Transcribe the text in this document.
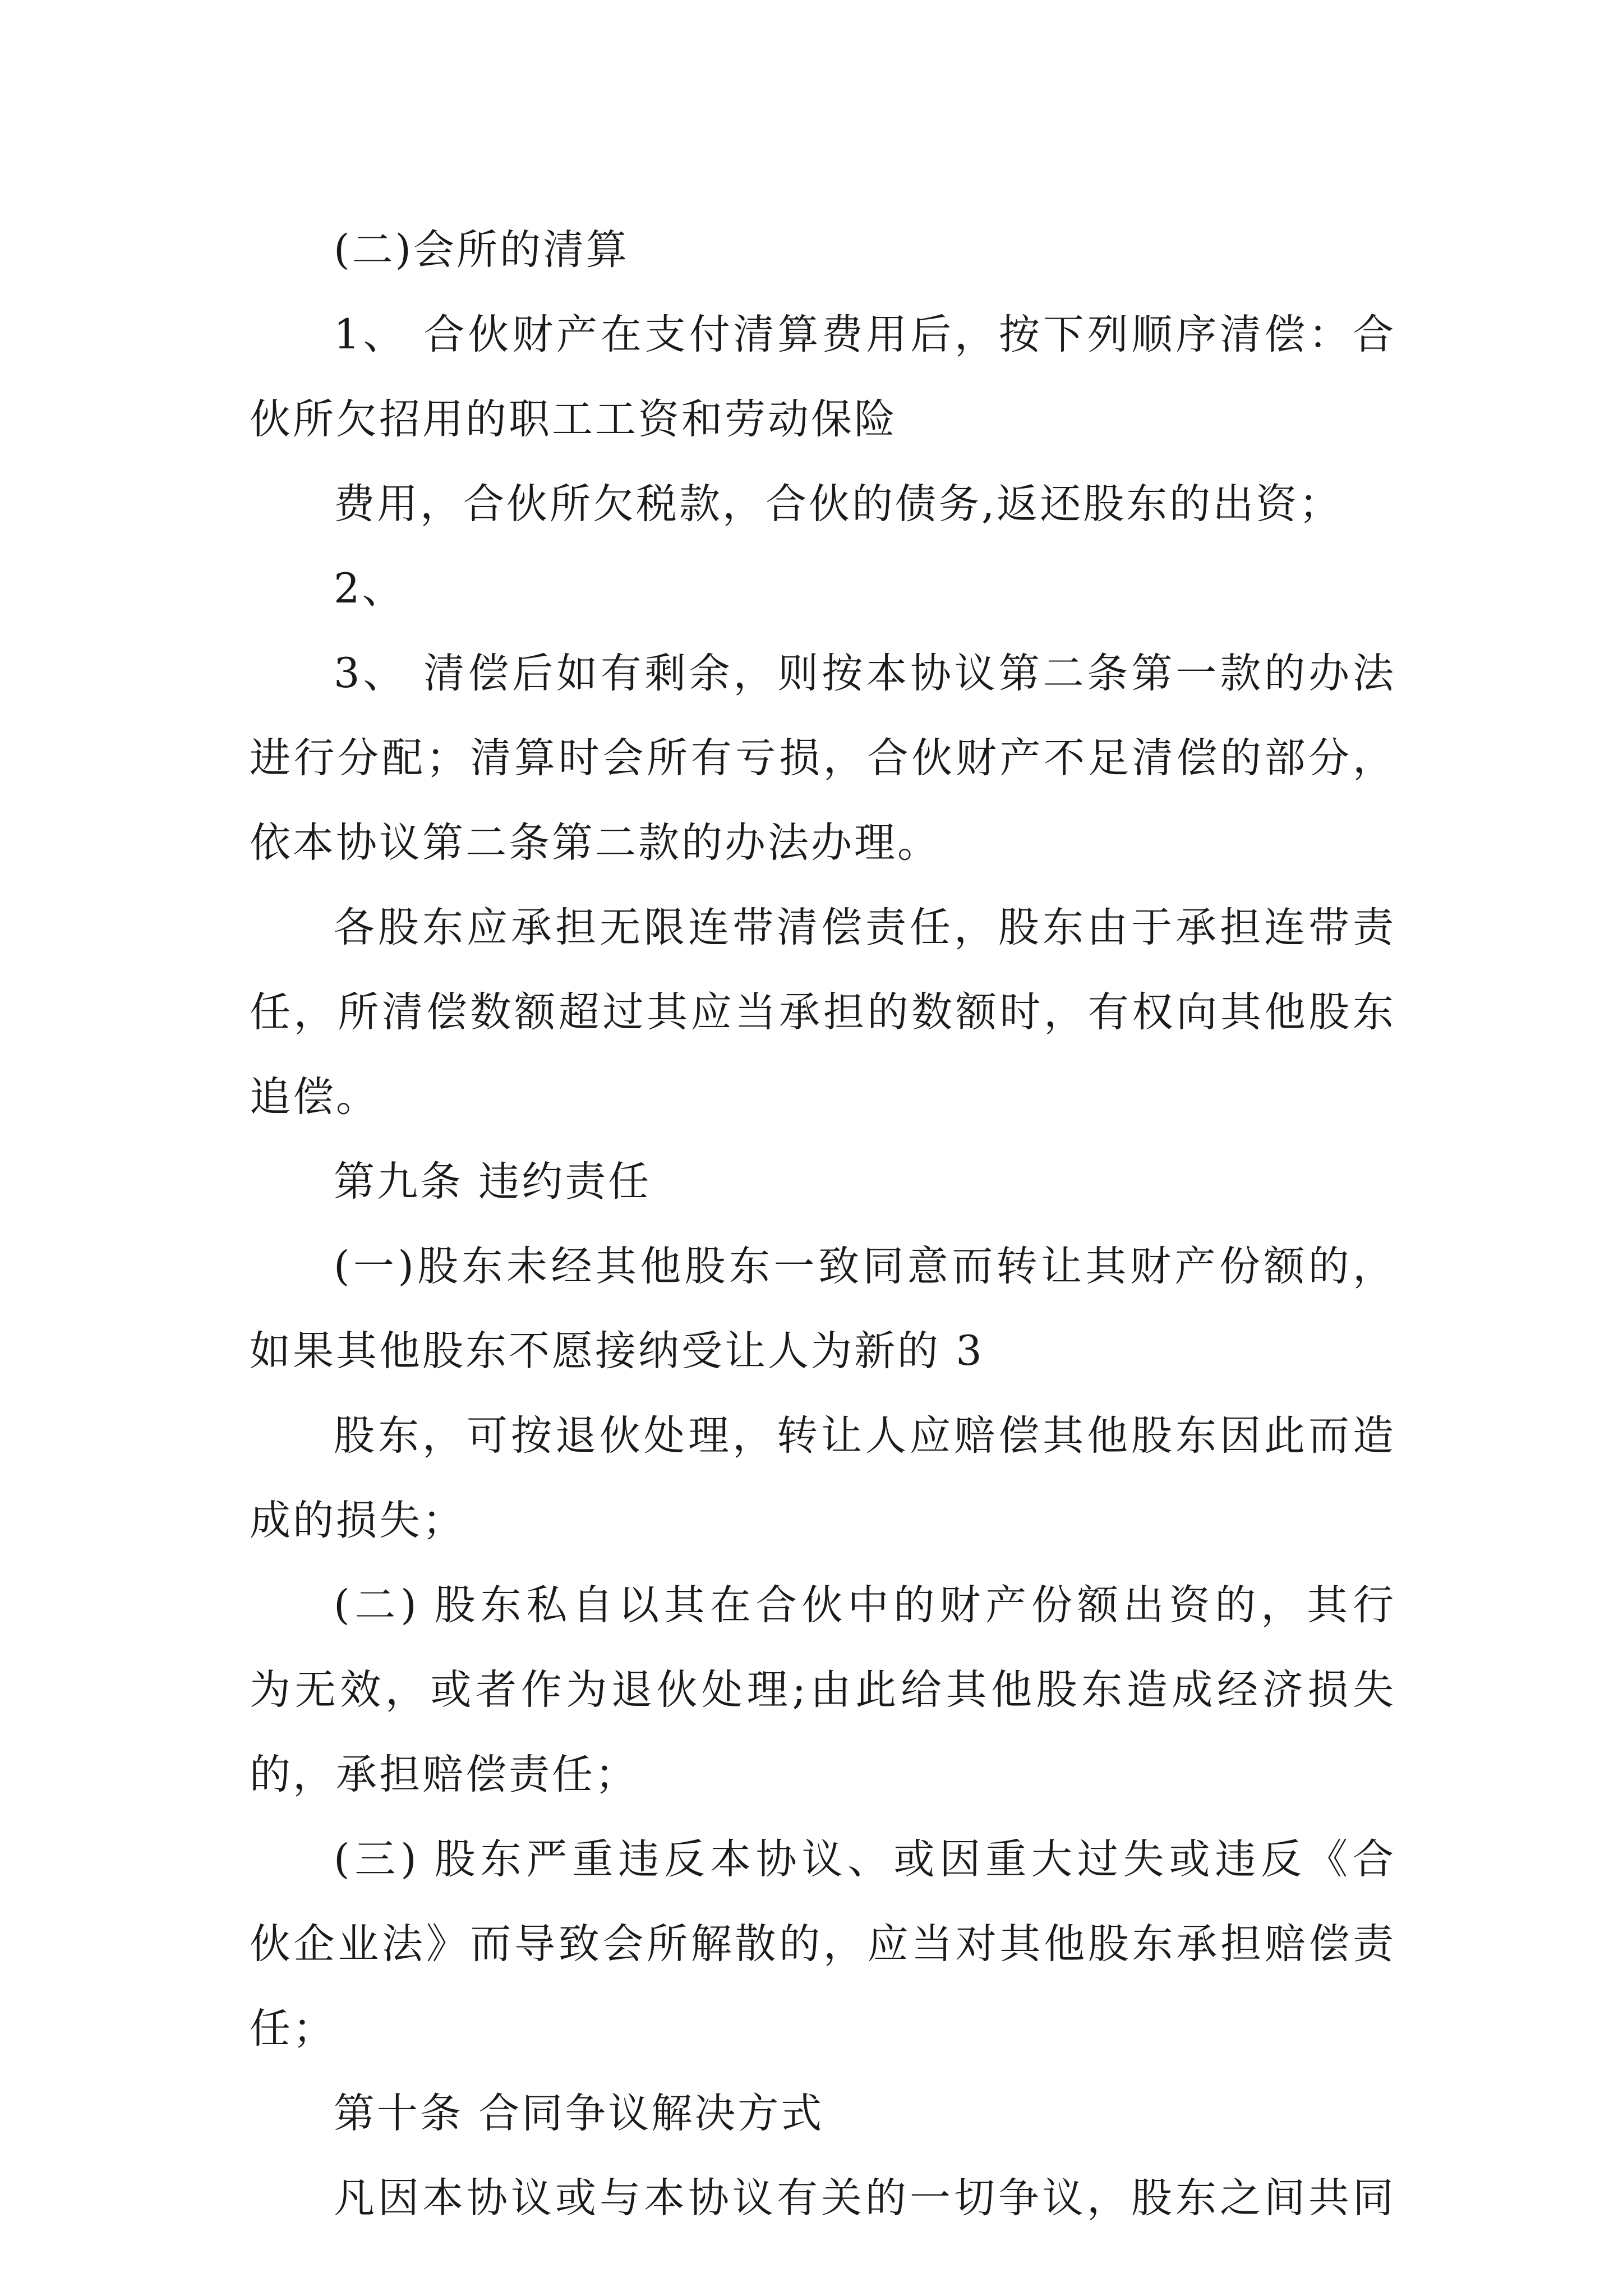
(二)会所的清算
1、 合伙财产在支付清算费用后，按下列顺序清偿：合
伙所欠招用的职工工资和劳动保险
费用，合伙所欠税款，合伙的债务,返还股东的出资；
2、
3、 清偿后如有剩余，则按本协议第二条第一款的办法
进行分配；清算时会所有亏损，合伙财产不足清偿的部分，
依本协议第二条第二款的办法办理。
各股东应承担无限连带清偿责任，股东由于承担连带责
任，所清偿数额超过其应当承担的数额时，有权向其他股东
追偿。
第九条 违约责任
(一)股东未经其他股东一致同意而转让其财产份额的，
如果其他股东不愿接纳受让人为新的 3
股东，可按退伙处理，转让人应赔偿其他股东因此而造
成的损失；
(二) 股东私自以其在合伙中的财产份额出资的，其行
为无效，或者作为退伙处理;由此给其他股东造成经济损失
的，承担赔偿责任；
(三) 股东严重违反本协议、或因重大过失或违反《合
伙企业法》而导致会所解散的，应当对其他股东承担赔偿责
任；
第十条 合同争议解决方式
凡因本协议或与本协议有关的一切争议，股东之间共同
